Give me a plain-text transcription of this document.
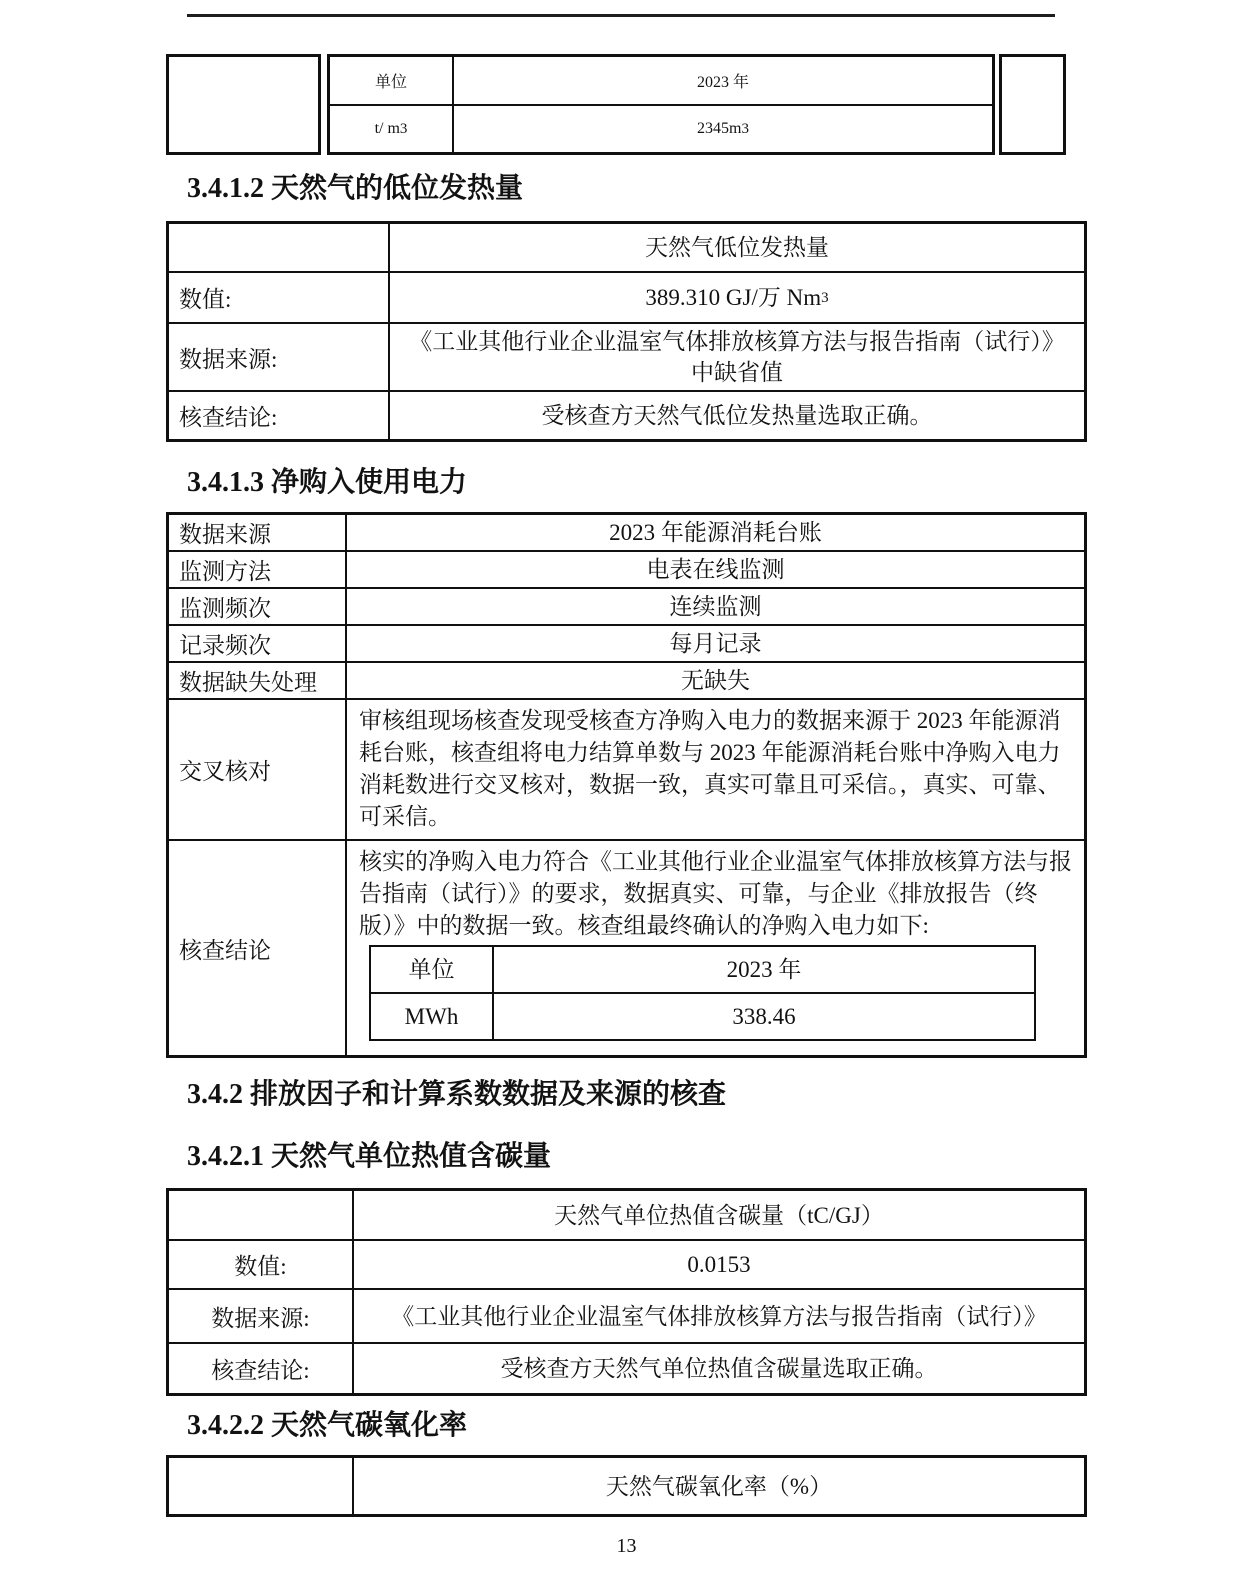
单位	2023 年
t/ m 3	2345m 3
3.4.1.2 天然气的低位发热量
天然气低位发热量
数值:	389.310 GJ/万 Nm 3
数据来源:
《工业其他行业企业温室气体排放核算方法与报告指南（试行）》中缺省值
核查结论:	受核查方天然气低位发热量选取正确。
3.4.1.3 净购入使用电力
数据来源	2023 年能源消耗台账
监测方法	电表在线监测
监测频次	连续监测
记录频次	每月记录
数据缺失处理	无缺失
交叉核对
审核组现场核查发现受核查方净购入电力的数据来源于 2023 年能源消耗台账，核查组将电力结算单数与 2023 年能源消耗台账中净购入电力消耗数进行交叉核对，数据一致，真实可靠且可采信。，真实、可靠、可采信。
核查结论
核实的净购入电力符合《工业其他行业企业温室气体排放核算方法与报告指南（试行）》的要求，数据真实、可靠，与企业《排放报告（终版）》中的数据一致。核查组最终确认的净购入电力如下:
单位	2023 年
MWh	338.46
3.4.2 排放因子和计算系数数据及来源的核查
3.4.2.1 天然气单位热值含碳量
天然气单位热值含碳量（tC/GJ）
数值:	0.0153
数据来源:	《工业其他行业企业温室气体排放核算方法与报告指南（试行）》
核查结论:	受核查方天然气单位热值含碳量选取正确。
3.4.2.2 天然气碳氧化率
天然气碳氧化率（%）
13
